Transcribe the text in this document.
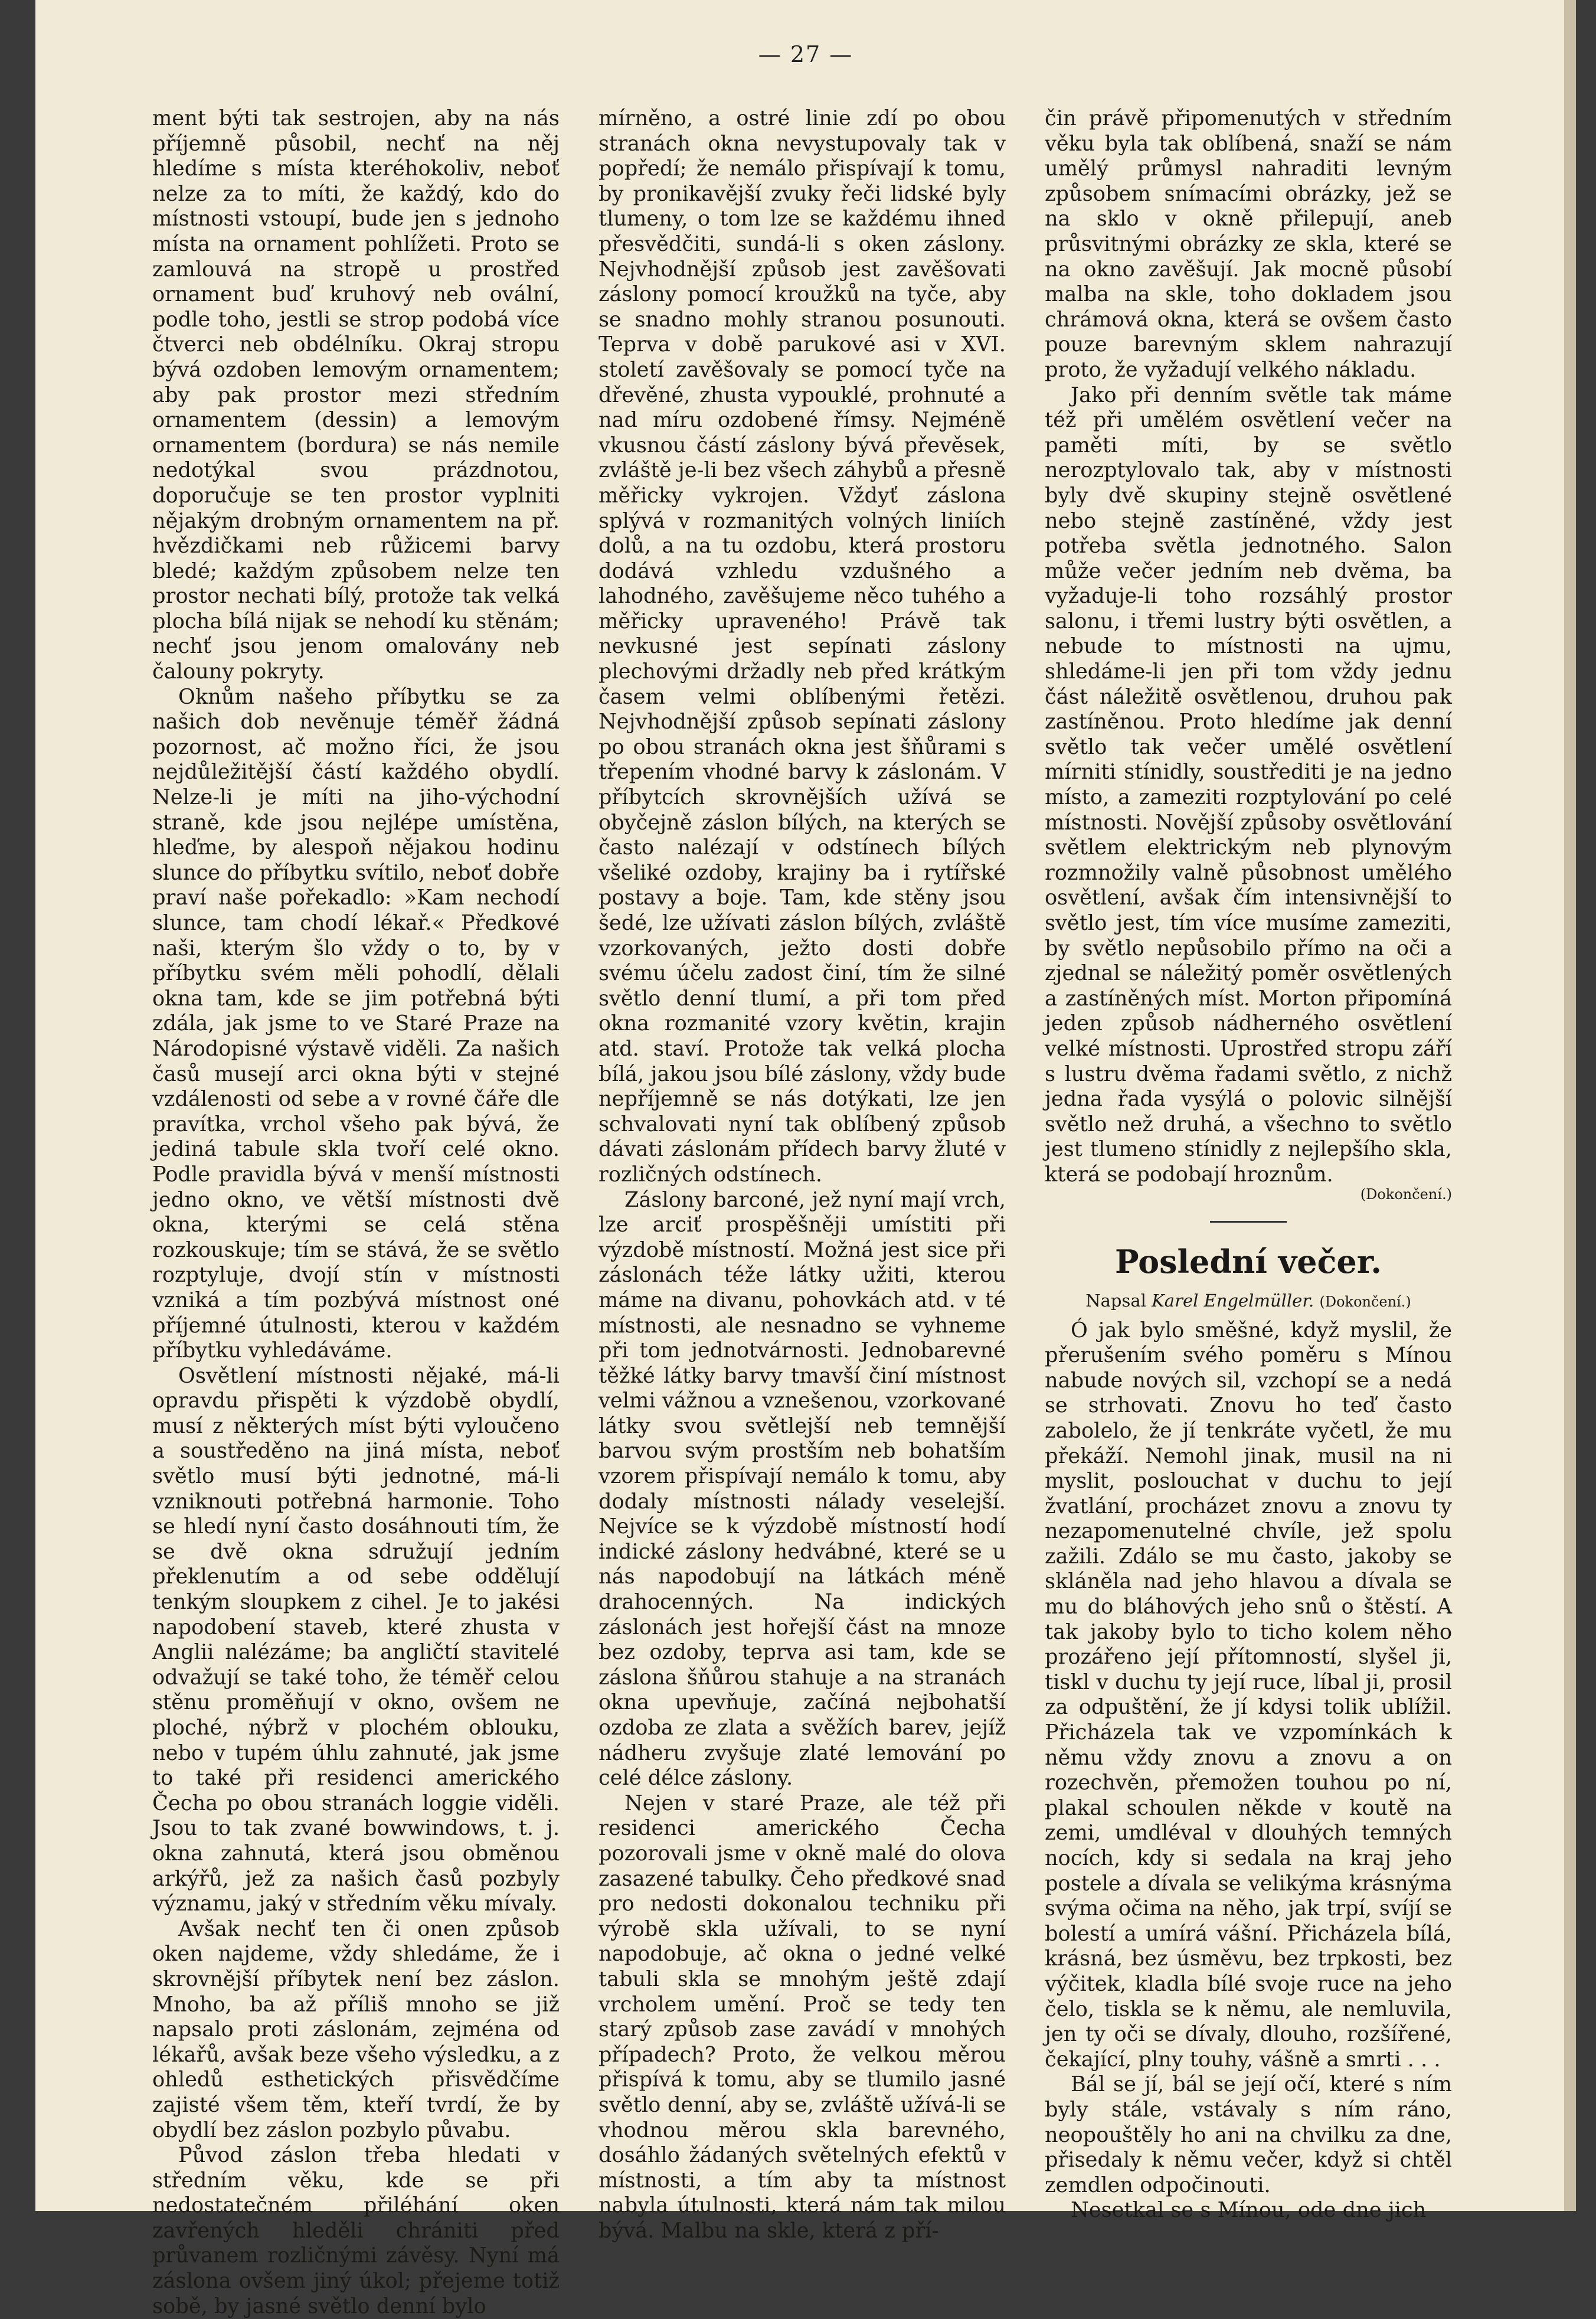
— 27 —

ment býti tak sestrojen, aby na nás příjemně působil, nechť na něj hledíme s místa kteréhokoliv, neboť nelze za to míti, že každý, kdo do místnosti vstoupí, bude jen s jednoho místa na ornament pohlížeti. Proto se zamlouvá na stropě u prostřed ornament buď kruhový neb ovální, podle toho, jestli se strop podobá více čtverci neb obdélníku. Okraj stropu bývá ozdoben lemovým ornamentem; aby pak prostor mezi středním ornamentem (dessin) a lemovým ornamentem (bordura) se nás nemile nedotýkal svou prázdnotou, doporučuje se ten prostor vyplniti nějakým drobným ornamentem na př. hvězdičkami neb růžicemi barvy bledé; každým způsobem nelze ten prostor nechati bílý, protože tak velká plocha bílá nijak se nehodí ku stěnám; nechť jsou jenom omalovány neb čalouny pokryty.

Oknům našeho příbytku se za našich dob nevěnuje téměř žádná pozornost, ač možno říci, že jsou nejdůležitější částí každého obydlí. Nelze-li je míti na jiho-východní straně, kde jsou nejlépe umístěna, hleďme, by alespoň nějakou hodinu slunce do příbytku svítilo, neboť dobře praví naše pořekadlo: »Kam nechodí slunce, tam chodí lékař.« Předkové naši, kterým šlo vždy o to, by v příbytku svém měli pohodlí, dělali okna tam, kde se jim potřebná býti zdála, jak jsme to ve Staré Praze na Národopisné výstavě viděli. Za našich časů musejí arci okna býti v stejné vzdálenosti od sebe a v rovné čáře dle pravítka, vrchol všeho pak bývá, že jediná tabule skla tvoří celé okno. Podle pravidla bývá v menší místnosti jedno okno, ve větší místnosti dvě okna, kterými se celá stěna rozkouskuje; tím se stává, že se světlo rozptyluje, dvojí stín v místnosti vzniká a tím pozbývá místnost oné příjemné útulnosti, kterou v každém příbytku vyhledáváme.

Osvětlení místnosti nějaké, má-li opravdu přispěti k výzdobě obydlí, musí z některých míst býti vyloučeno a soustředěno na jiná místa, neboť světlo musí býti jednotné, má-li vzniknouti potřebná harmonie. Toho se hledí nyní často dosáhnouti tím, že se dvě okna sdružují jedním překlenutím a od sebe oddělují tenkým sloupkem z cihel. Je to jakési napodobení staveb, které zhusta v Anglii nalézáme; ba angličtí stavitelé odvažují se také toho, že téměř celou stěnu proměňují v okno, ovšem ne ploché, nýbrž v plochém oblouku, nebo v tupém úhlu zahnuté, jak jsme to také při residenci amerického Čecha po obou stranách loggie viděli. Jsou to tak zvané bowwindows, t. j. okna zahnutá, která jsou obměnou arkýřů, jež za našich časů pozbyly významu, jaký v středním věku mívaly.

Avšak nechť ten či onen způsob oken najdeme, vždy shledáme, že i skrovnější příbytek není bez záslon. Mnoho, ba až příliš mnoho se již napsalo proti záslonám, zejména od lékařů, avšak beze všeho výsledku, a z ohledů esthetických přisvědčíme zajisté všem těm, kteří tvrdí, že by obydlí bez záslon pozbylo půvabu.

Původ záslon třeba hledati v středním věku, kde se při nedostatečném přiléhání oken zavřených hleděli chrániti před průvanem rozličnými závěsy. Nyní má záslona ovšem jiný úkol; přejeme totiž sobě, by jasné světlo denní bylo

mírněno, a ostré linie zdí po obou stranách okna nevystupovaly tak v popředí; že nemálo přispívají k tomu, by pronikavější zvuky řeči lidské byly tlumeny, o tom lze se každému ihned přesvědčiti, sundá-li s oken záslony. Nejvhodnější způsob jest zavěšovati záslony pomocí kroužků na tyče, aby se snadno mohly stranou posunouti. Teprva v době parukové asi v XVI. století zavěšovaly se pomocí tyče na dřevěné, zhusta vypouklé, prohnuté a nad míru ozdobené římsy. Nejméně vkusnou částí záslony bývá převěsek, zvláště je-li bez všech záhybů a přesně měřicky vykrojen. Vždyť záslona splývá v rozmanitých volných liniích dolů, a na tu ozdobu, která prostoru dodává vzhledu vzdušného a lahodného, zavěšujeme něco tuhého a měřicky upraveného! Právě tak nevkusné jest sepínati záslony plechovými držadly neb před krátkým časem velmi oblíbenými řetězi. Nejvhodnější způsob sepínati záslony po obou stranách okna jest šňůrami s třepením vhodné barvy k záslonám. V příbytcích skrovnějších užívá se obyčejně záslon bílých, na kterých se často nalézají v odstínech bílých všeliké ozdoby, krajiny ba i rytířské postavy a boje. Tam, kde stěny jsou šedé, lze užívati záslon bílých, zvláště vzorkovaných, ježto dosti dobře svému účelu zadost činí, tím že silné světlo denní tlumí, a při tom před okna rozmanité vzory květin, krajin atd. staví. Protože tak velká plocha bílá, jakou jsou bílé záslony, vždy bude nepříjemně se nás dotýkati, lze jen schvalovati nyní tak oblíbený způsob dávati záslonám přídech barvy žluté v rozličných odstínech.

Záslony barconé, jež nyní mají vrch, lze arciť prospěšněji umístiti při výzdobě místností. Možná jest sice při záslonách téže látky užiti, kterou máme na divanu, pohovkách atd. v té místnosti, ale nesnadno se vyhneme při tom jednotvárnosti. Jednobarevné těžké látky barvy tmavší činí místnost velmi vážnou a vznešenou, vzorkované látky svou světlejší neb temnější barvou svým prostším neb bohatším vzorem přispívají nemálo k tomu, aby dodaly místnosti nálady veselejší. Nejvíce se k výzdobě místností hodí indické záslony hedvábné, které se u nás napodobují na látkách méně drahocenných. Na indických záslonách jest hořejší část na mnoze bez ozdoby, teprva asi tam, kde se záslona šňůrou stahuje a na stranách okna upevňuje, začíná nejbohatší ozdoba ze zlata a svěžích barev, jejíž nádheru zvyšuje zlaté lemování po celé délce záslony.

Nejen v staré Praze, ale též při residenci amerického Čecha pozorovali jsme v okně malé do olova zasazené tabulky. Čeho předkové snad pro nedosti dokonalou techniku při výrobě skla užívali, to se nyní napodobuje, ač okna o jedné velké tabuli skla se mnohým ještě zdají vrcholem umění. Proč se tedy ten starý způsob zase zavádí v mnohých případech? Proto, že velkou měrou přispívá k tomu, aby se tlumilo jasné světlo denní, aby se, zvláště užívá-li se vhodnou měrou skla barevného, dosáhlo žádaných světelných efektů v místnosti, a tím aby ta místnost nabyla útulnosti, která nám tak milou bývá. Malbu na skle, která z pří-

čin právě připomenutých v středním věku byla tak oblíbená, snaží se nám umělý průmysl nahraditi levným způsobem snímacími obrázky, jež se na sklo v okně přilepují, aneb průsvitnými obrázky ze skla, které se na okno zavěšují. Jak mocně působí malba na skle, toho dokladem jsou chrámová okna, která se ovšem často pouze barevným sklem nahrazují proto, že vyžadují velkého nákladu.

Jako při denním světle tak máme též při umělém osvětlení večer na paměti míti, by se světlo nerozptylovalo tak, aby v místnosti byly dvě skupiny stejně osvětlené nebo stejně zastíněné, vždy jest potřeba světla jednotného. Salon může večer jedním neb dvěma, ba vyžaduje-li toho rozsáhlý prostor salonu, i třemi lustry býti osvětlen, a nebude to místnosti na ujmu, shledáme-li jen při tom vždy jednu část náležitě osvětlenou, druhou pak zastíněnou. Proto hledíme jak denní světlo tak večer umělé osvětlení mírniti stínidly, soustřediti je na jedno místo, a zameziti rozptylování po celé místnosti. Novější způsoby osvětlování světlem elektrickým neb plynovým rozmnožily valně působnost umělého osvětlení, avšak čím intensivnější to světlo jest, tím více musíme zameziti, by světlo nepůsobilo přímo na oči a zjednal se náležitý poměr osvětlených a zastíněných míst. Morton připomíná jeden způsob nádherného osvětlení velké místnosti. Uprostřed stropu září s lustru dvěma řadami světlo, z nichž jedna řada vysýlá o polovic silnější světlo než druhá, a všechno to světlo jest tlumeno stínidly z nejlepšího skla, která se podobají hroznům.

(Dokončení.)
Poslední večer.
Napsal Karel Engelmüller. (Dokončení.)

Ó jak bylo směšné, když myslil, že přerušením svého poměru s Mínou nabude nových sil, vzchopí se a nedá se strhovati. Znovu ho teď často zabolelo, že jí tenkráte vyčetl, že mu překáží. Nemohl jinak, musil na ni myslit, poslouchat v duchu to její žvatlání, procházet znovu a znovu ty nezapomenutelné chvíle, jež spolu zažili. Zdálo se mu často, jakoby se skláněla nad jeho hlavou a dívala se mu do bláhových jeho snů o štěstí. A tak jakoby bylo to ticho kolem něho prozářeno její přítomností, slyšel ji, tiskl v duchu ty její ruce, líbal ji, prosil za odpuštění, že jí kdysi tolik ublížil. Přicházela tak ve vzpomínkách k němu vždy znovu a znovu a on rozechvěn, přemožen touhou po ní, plakal schoulen někde v koutě na zemi, umdléval v dlouhých temných nocích, kdy si sedala na kraj jeho postele a dívala se velikýma krásnýma svýma očima na něho, jak trpí, svíjí se bolestí a umírá vášní. Přicházela bílá, krásná, bez úsměvu, bez trpkosti, bez výčitek, kladla bílé svoje ruce na jeho čelo, tiskla se k němu, ale nemluvila, jen ty oči se dívaly, dlouho, rozšířené, čekající, plny touhy, vášně a smrti . . .

Bál se jí, bál se její očí, které s ním byly stále, vstávaly s ním ráno, neopouštěly ho ani na chvilku za dne, přisedaly k němu večer, když si chtěl zemdlen odpočinouti.

Nesetkal se s Mínou, ode dne jich
